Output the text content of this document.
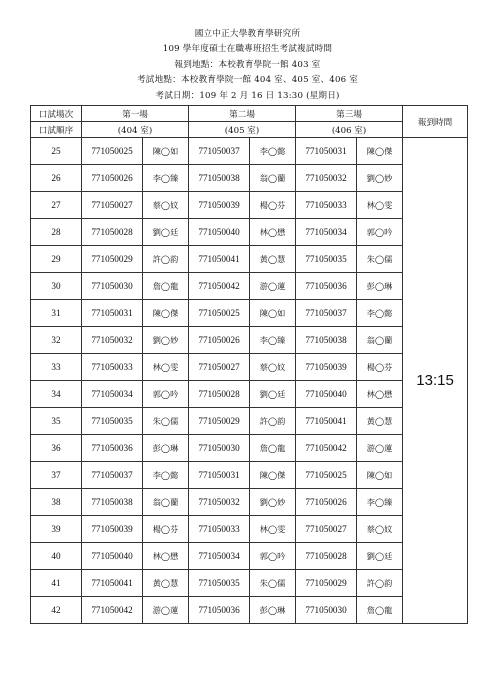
國立中正大學教育學研究所
109 學年度碩士在職專班招生考試複試時間
報到地點：本校教育學院一館 403 室
考試地點：本校教育學院一館 404 室、405 室、406 室
考試日期：109 年 2 月 16 日 13:30 (星期日)
口試場次	第一場		第二場		第三場		報到時間
口試順序	(404 室)		(405 室)		(406 室)		
25	771050025	陳◯如	771050037	李◯懿	771050031	陳◯傑	13:15
26	771050026	李◯臻	771050038	翁◯蘭	771050032	劉◯妙	
27	771050027	蔡◯妏	771050039	楊◯芬	771050033	林◯雯	
28	771050028	劉◯廷	771050040	林◯懋	771050034	郭◯吟	
29	771050029	許◯韵	771050041	黃◯慧	771050035	朱◯儒	
30	771050030	詹◯龍	771050042	游◯蓮	771050036	彭◯琳	
31	771050031	陳◯傑	771050025	陳◯如	771050037	李◯懿	
32	771050032	劉◯妙	771050026	李◯臻	771050038	翁◯蘭	
33	771050033	林◯雯	771050027	蔡◯妏	771050039	楊◯芬	
34	771050034	郭◯吟	771050028	劉◯廷	771050040	林◯懋	
35	771050035	朱◯儒	771050029	許◯韵	771050041	黃◯慧	
36	771050036	彭◯琳	771050030	詹◯龍	771050042	游◯蓮	
37	771050037	李◯懿	771050031	陳◯傑	771050025	陳◯如	
38	771050038	翁◯蘭	771050032	劉◯妙	771050026	李◯臻	
39	771050039	楊◯芬	771050033	林◯雯	771050027	蔡◯妏	
40	771050040	林◯懋	771050034	郭◯吟	771050028	劉◯廷	
41	771050041	黃◯慧	771050035	朱◯儒	771050029	許◯韵	
42	771050042	游◯蓮	771050036	彭◯琳	771050030	詹◯龍	
